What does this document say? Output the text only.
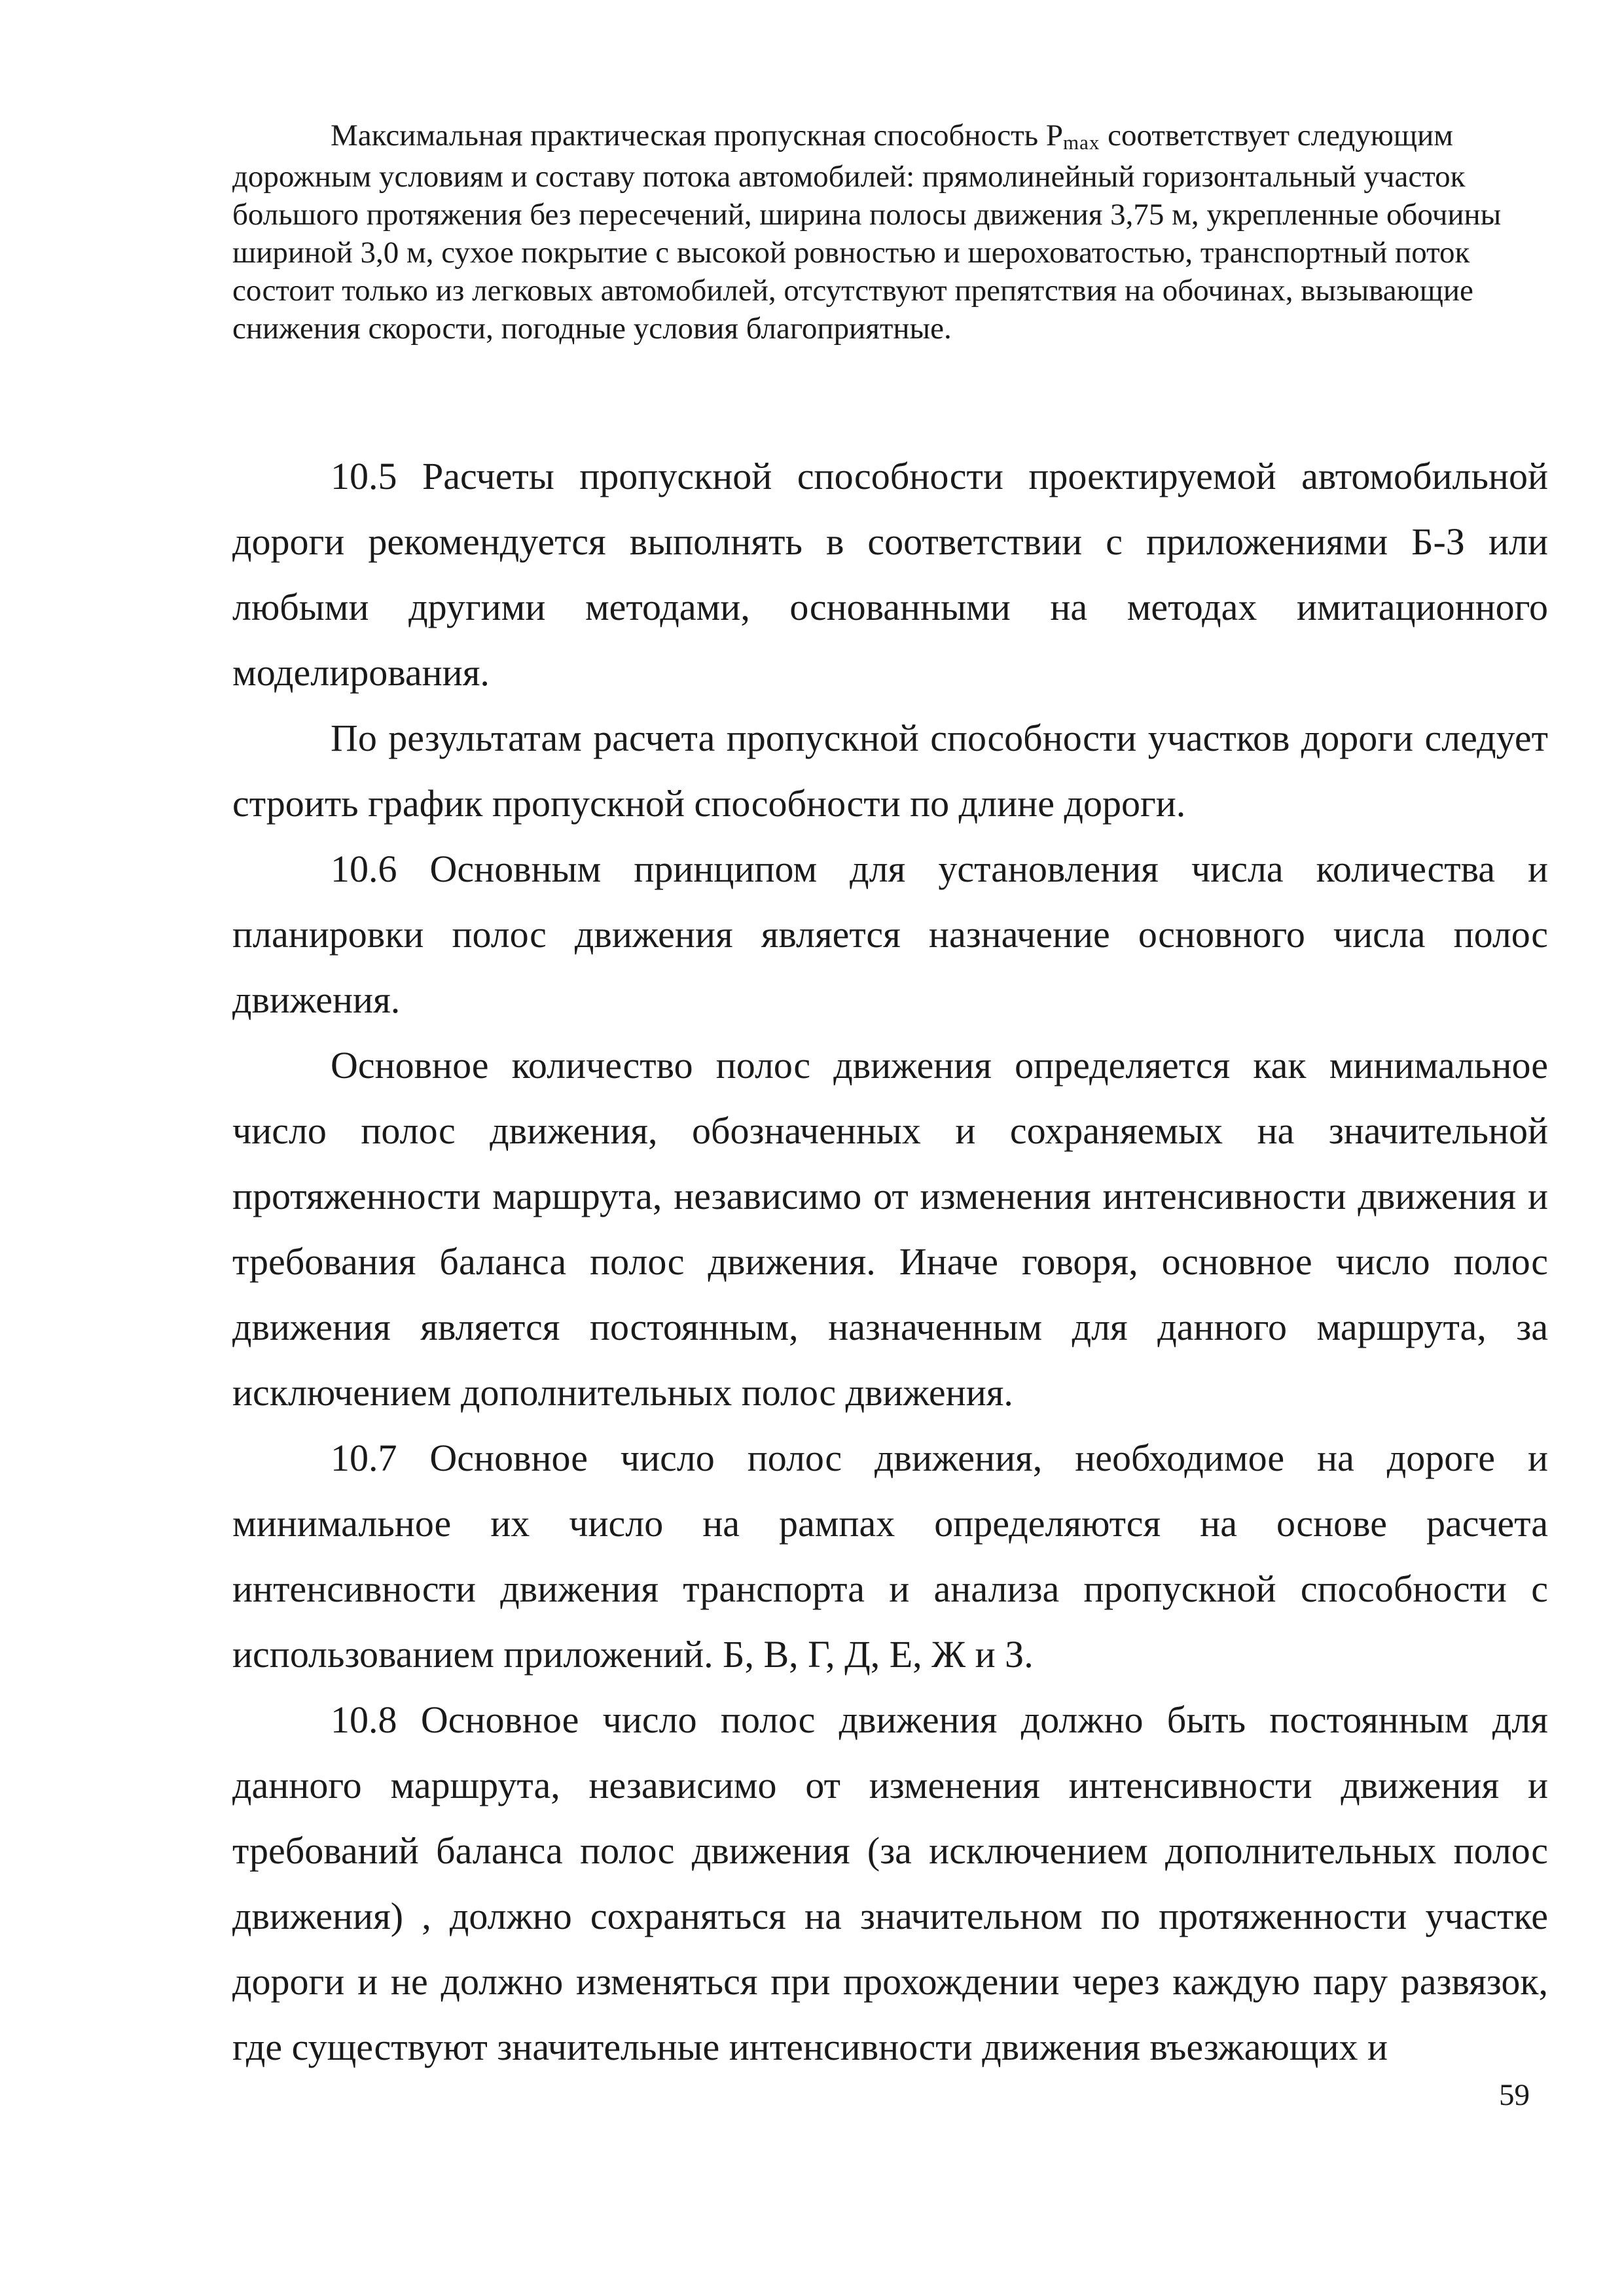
Максимальная практическая пропускная способность Pmax соответствует следующим дорожным условиям и составу потока автомобилей: прямолинейный горизонтальный участок большого протяжения без пересечений, ширина полосы движения 3,75 м, укрепленные обочины шириной 3,0 м, сухое покрытие с высокой ровностью и шероховатостью, транспортный поток состоит только из легковых автомобилей, отсутствуют препятствия на обочинах, вызывающие снижения скорости, погодные условия благоприятные.

10.5 Расчеты пропускной способности проектируемой автомобильной дороги рекомендуется выполнять в соответствии с приложениями Б-З или любыми другими методами, основанными на методах имитационного моделирования.

По результатам расчета пропускной способности участков дороги следует строить график пропускной способности по длине дороги.

10.6 Основным принципом для установления числа количества и планировки полос движения является назначение основного числа полос движения.

Основное количество полос движения определяется как минимальное число полос движения, обозначенных и сохраняемых на значительной протяженности маршрута, независимо от изменения интенсивности движения и требования баланса полос движения. Иначе говоря, основное число полос движения является постоянным, назначенным для данного маршрута, за исключением дополнительных полос движения.

10.7 Основное число полос движения, необходимое на дороге и минимальное их число на рампах определяются на основе расчета интенсивности движения транспорта и анализа пропускной способности с использованием приложений. Б, В, Г, Д, Е, Ж и З.

10.8 Основное число полос движения должно быть постоянным для данного маршрута, независимо от изменения интенсивности движения и требований баланса полос движения (за исключением дополнительных полос движения) , должно сохраняться на значительном по протяженности участке дороги и не должно изменяться при прохождении через каждую пару развязок, где существуют значительные интенсивности движения въезжающих и

59
